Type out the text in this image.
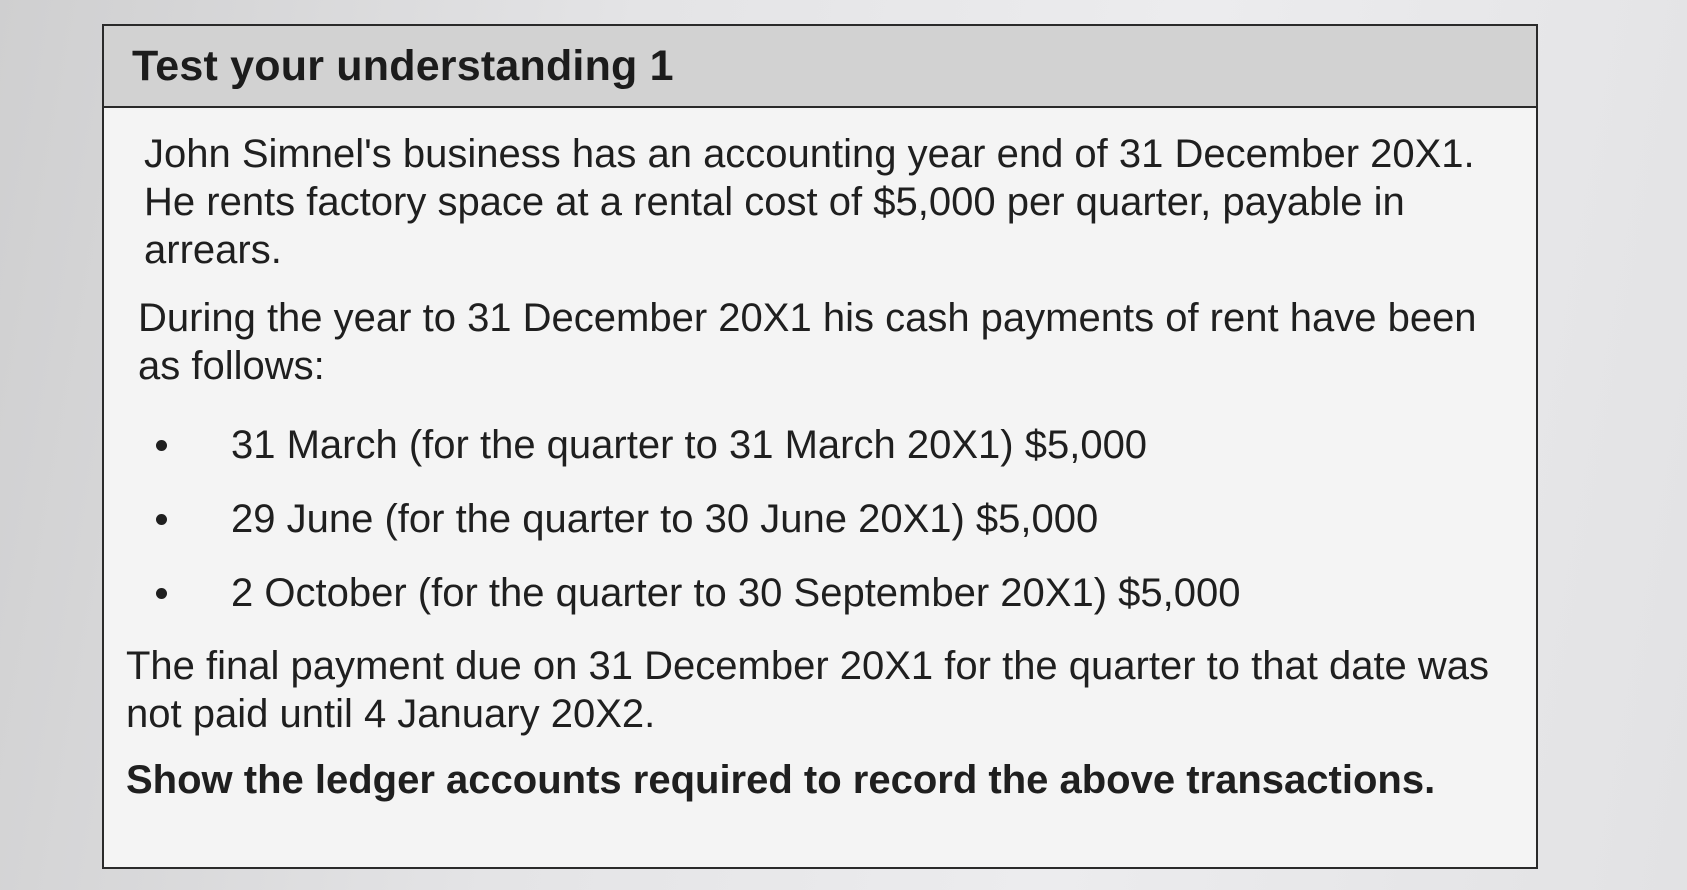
Test your understanding 1

John Simnel's business has an accounting year end of 31 December 20X1. He rents factory space at a rental cost of $5,000 per quarter, payable in arrears.

During the year to 31 December 20X1 his cash payments of rent have been as follows:

31 March (for the quarter to 31 March 20X1) $5,000
29 June (for the quarter to 30 June 20X1) $5,000
2 October (for the quarter to 30 September 20X1) $5,000

The final payment due on 31 December 20X1 for the quarter to that date was not paid until 4 January 20X2.

Show the ledger accounts required to record the above transactions.
